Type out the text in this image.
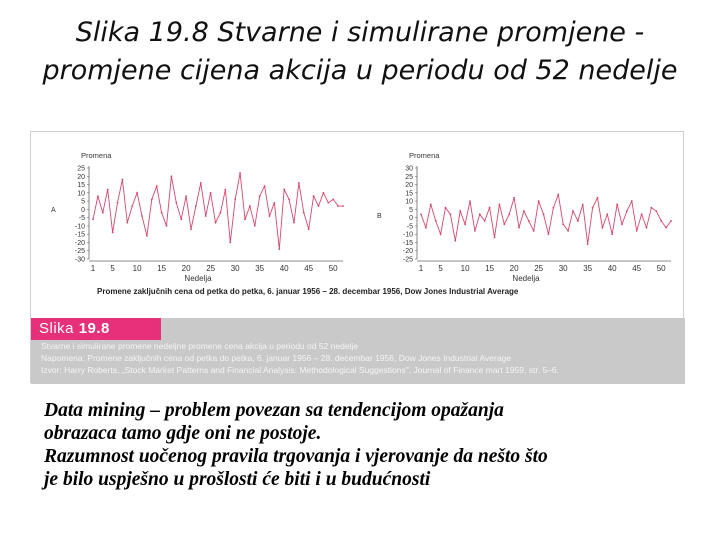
Slika 19.8 Stvarne i simulirane promjene -
promjene cijena akcija u periodu od 52 nedelje
A
Promena
Nedelja
25
20
15
10
5
0
-5
-10
-15
-20
-25
-30
1 5 10 15 20 25 30 35 40 45 50
B
Promena
Nedelja
30
25
20
15
10
5
0
-5
-10
-15
-20
-25
1 5 10 15 20 25 30 35 40 45 50
Promene zaključnih cena od petka do petka, 6. januar 1956 – 28. decembar 1956, Dow Jones Industrial Average
Slika 19.8
Stvarne i simulirane promene nedeljne promene cena akcija u periodu od 52 nedelje
Napomena: Promene zaključnih cena od petka do petka, 6. januar 1956 – 28. decembar 1956, Dow Jones Industrial Average
Izvor: Harry Roberts, „Stock Market Patterns and Financial Analysis: Methodological Suggestions", Journal of Finance mart 1959, str. 5–6.
Data mining – problem povezan sa tendencijom opažanja
obrazaca tamo gdje oni ne postoje.
Razumnost uočenog pravila trgovanja i vjerovanje da nešto što
je bilo uspješno u prošlosti će biti i u budućnosti
